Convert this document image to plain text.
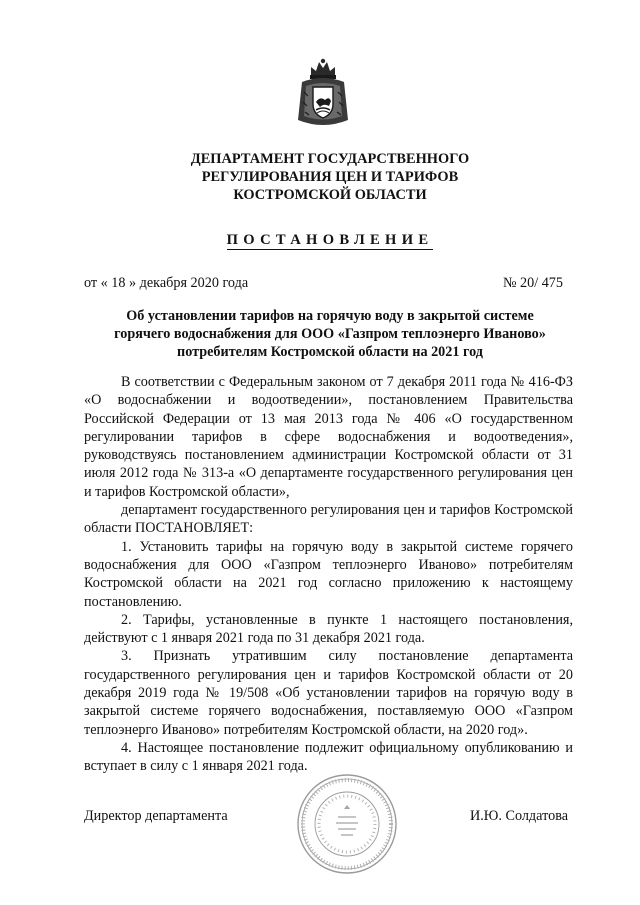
ДЕПАРТАМЕНТ ГОСУДАРСТВЕННОГО
РЕГУЛИРОВАНИЯ ЦЕН И ТАРИФОВ
КОСТРОМСКОЙ ОБЛАСТИ
ПОСТАНОВЛЕНИЕ
от « 18 » декабря 2020 года	№ 20/ 475
Об установлении тарифов на горячую воду в закрытой системе
горячего водоснабжения для ООО «Газпром теплоэнерго Иваново»
потребителям Костромской области на 2021 год

В соответствии с Федеральным законом от 7 декабря 2011 года № 416-ФЗ «О водоснабжении и водоотведении», постановлением Правительства Российской Федерации от 13 мая 2013 года № 406 «О государственном регулировании тарифов в сфере водоснабжения и водоотведения», руководствуясь постановлением администрации Костромской области от 31 июля 2012 года № 313-а «О департаменте государственного регулирования цен и тарифов Костромской области»,

департамент государственного регулирования цен и тарифов Костромской области ПОСТАНОВЛЯЕТ:

1. Установить тарифы на горячую воду в закрытой системе горячего водоснабжения для ООО «Газпром теплоэнерго Иваново» потребителям Костромской области на 2021 год согласно приложению к настоящему постановлению.

2. Тарифы, установленные в пункте 1 настоящего постановления, действуют с 1 января 2021 года по 31 декабря 2021 года.

3. Признать утратившим силу постановление департамента государственного регулирования цен и тарифов Костромской области от 20 декабря 2019 года № 19/508 «Об установлении тарифов на горячую воду в закрытой системе горячего водоснабжения, поставляемую ООО «Газпром теплоэнерго Иваново» потребителям Костромской области, на 2020 год».

4. Настоящее постановление подлежит официальному опубликованию и вступает в силу с 1 января 2021 года.

Директор департамента	И.Ю. Солдатова
